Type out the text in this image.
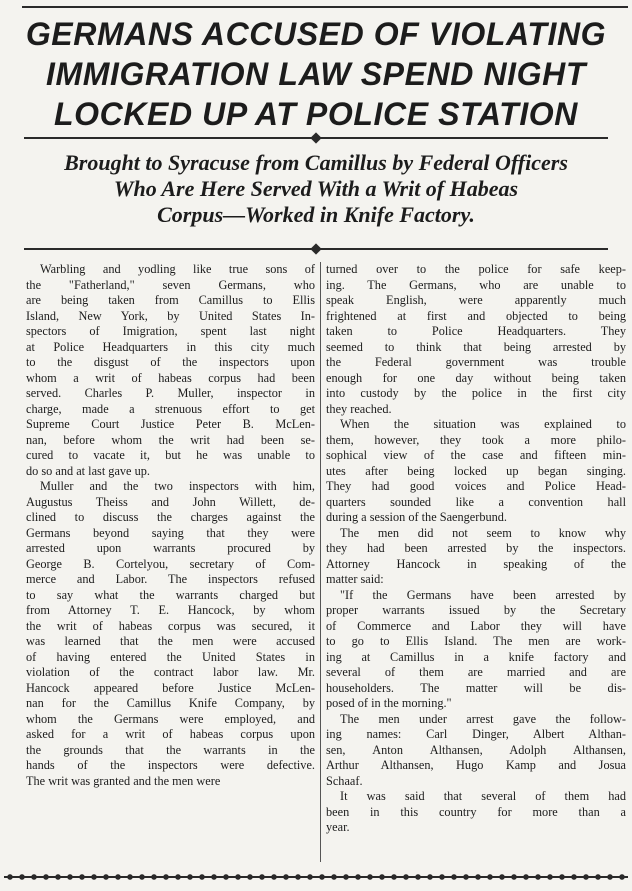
GERMANS ACCUSED OF VIOLATING
IMMIGRATION LAW SPEND NIGHT
LOCKED UP AT POLICE STATION
Brought to Syracuse from Camillus by Federal Officers
Who Are Here Served With a Writ of Habeas
Corpus—Worked in Knife Factory.
Warbling and yodling like true sons of
the "Fatherland," seven Germans, who
are being taken from Camillus to Ellis
Island, New York, by United States In-
spectors of Imigration, spent last night
at Police Headquarters in this city much
to the disgust of the inspectors upon
whom a writ of habeas corpus had been
served. Charles P. Muller, inspector in
charge, made a strenuous effort to get
Supreme Court Justice Peter B. McLen-
nan, before whom the writ had been se-
cured to vacate it, but he was unable to
do so and at last gave up.
Muller and the two inspectors with him,
Augustus Theiss and John Willett, de-
clined to discuss the charges against the
Germans beyond saying that they were
arrested upon warrants procured by
George B. Cortelyou, secretary of Com-
merce and Labor. The inspectors refused
to say what the warrants charged but
from Attorney T. E. Hancock, by whom
the writ of habeas corpus was secured, it
was learned that the men were accused
of having entered the United States in
violation of the contract labor law. Mr.
Hancock appeared before Justice McLen-
nan for the Camillus Knife Company, by
whom the Germans were employed, and
asked for a writ of habeas corpus upon
the grounds that the warrants in the
hands of the inspectors were defective.
The writ was granted and the men were
turned over to the police for safe keep-
ing. The Germans, who are unable to
speak English, were apparently much
frightened at first and objected to being
taken to Police Headquarters. They
seemed to think that being arrested by
the Federal government was trouble
enough for one day without being taken
into custody by the police in the first city
they reached.
When the situation was explained to
them, however, they took a more philo-
sophical view of the case and fifteen min-
utes after being locked up began singing.
They had good voices and Police Head-
quarters sounded like a convention hall
during a session of the Saengerbund.
The men did not seem to know why
they had been arrested by the inspectors.
Attorney Hancock in speaking of the
matter said:
"If the Germans have been arrested by
proper warrants issued by the Secretary
of Commerce and Labor they will have
to go to Ellis Island. The men are work-
ing at Camillus in a knife factory and
several of them are married and are
householders. The matter will be dis-
posed of in the morning."
The men under arrest gave the follow-
ing names: Carl Dinger, Albert Althan-
sen, Anton Althansen, Adolph Althansen,
Arthur Althansen, Hugo Kamp and Josua
Schaaf.
It was said that several of them had
been in this country for more than a
year.
